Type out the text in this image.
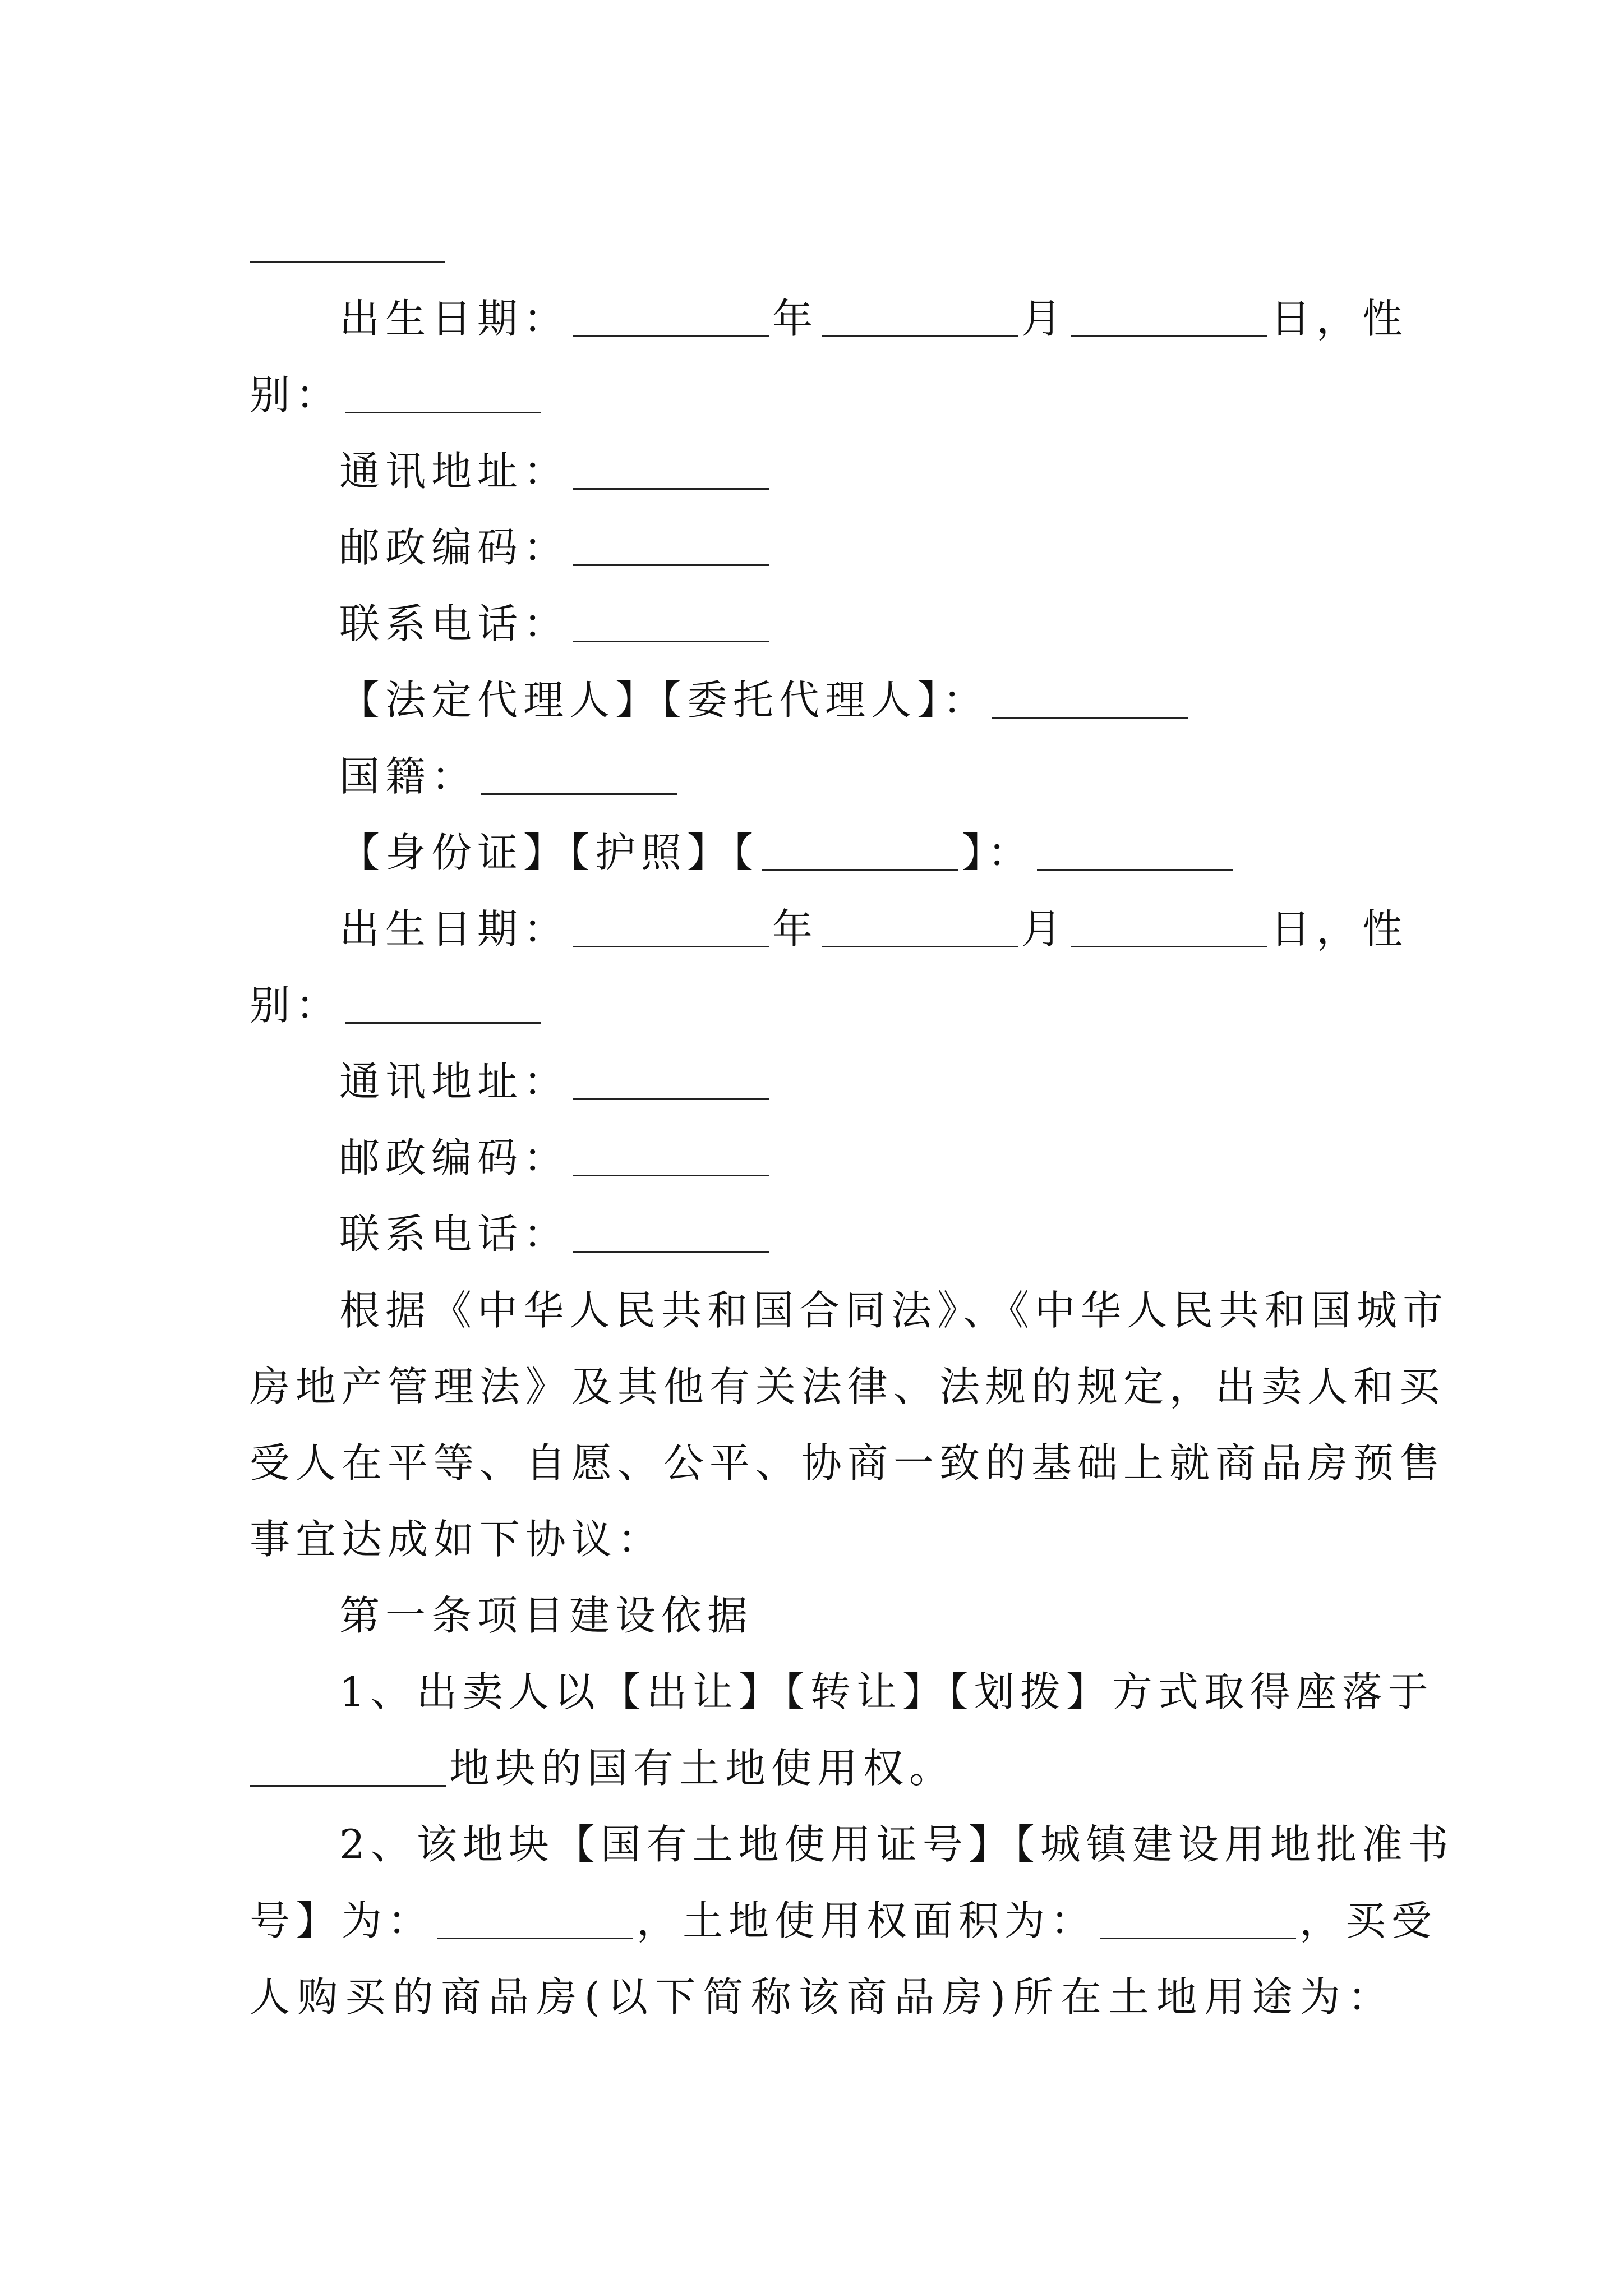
出生日期：	年	月	日，性
别：
通讯地址：
邮政编码：
联系电话：
【法定代理人】【委托代理人】：
国籍：
【身份证】【护照】【	】：
出生日期：	年	月	日，性
别：
通讯地址：
邮政编码：
联系电话：
根据《中华人民共和国合同法》、《中华人民共和国城市
房地产管理法》及其他有关法律、法规的规定，出卖人和买
受人在平等、自愿、公平、协商一致的基础上就商品房预售
事宜达成如下协议：
第一条项目建设依据
1、出卖人以【出让】【转让】【划拨】方式取得座落于
地块的国有土地使用权。
2、该地块【国有土地使用证号】【城镇建设用地批准书
号】为：	，土地使用权面积为：	，买受
人购买的商品房(以下简称该商品房)所在土地用途为：
